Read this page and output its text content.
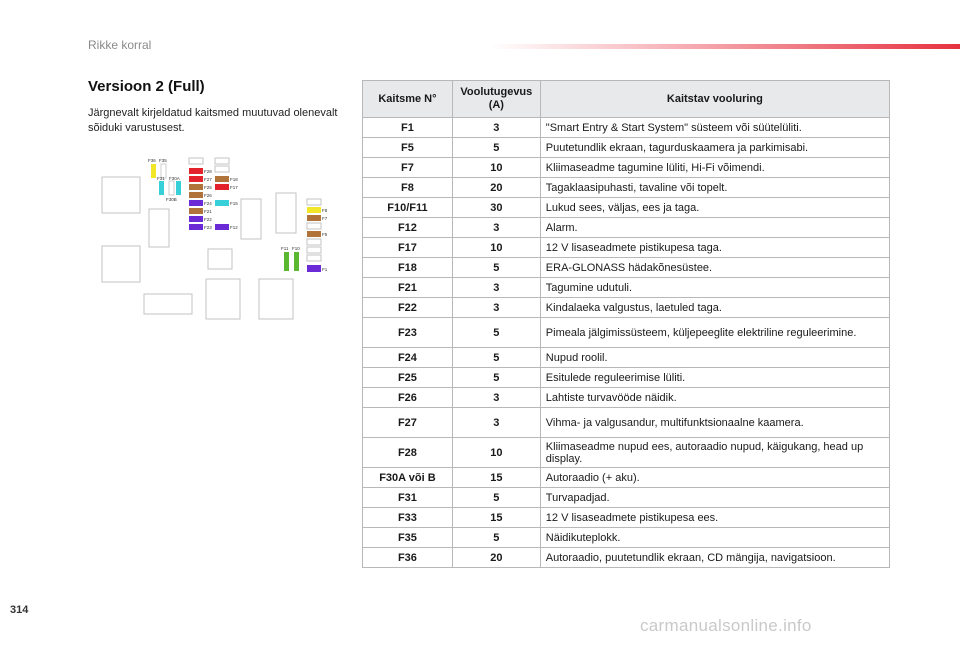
Rikke korral
Versioon 2 (Full)

Järgnevalt kirjeldatud kaitsmed muutuvad olenevalt sõiduki varustusest.

F36 F35
F31 F30A
F30B
F28
F27
F25
F26
F24
F21
F22
F23
F18
F17
F15
F12
F8
F7
F5
F11 F10
F1
Kaitsme N°	Voolutugevus (A)	Kaitstav vooluring
F1	3	"Smart Entry & Start System" süsteem või süütelüliti.
F5	5	Puutetundlik ekraan, tagurduskaamera ja parkimisabi.
F7	10	Kliimaseadme tagumine lüliti, Hi-Fi võimendi.
F8	20	Tagaklaasipuhasti, tavaline või topelt.
F10/F11	30	Lukud sees, väljas, ees ja taga.
F12	3	Alarm.
F17	10	12 V lisaseadmete pistikupesa taga.
F18	5	ERA-GLONASS hädakõnesüstee.
F21	3	Tagumine udutuli.
F22	3	Kindalaeka valgustus, laetuled taga.
F23	5	Pimeala jälgimissüsteem, küljepeeglite elektriline reguleerimine.
F24	5	Nupud roolil.
F25	5	Esitulede reguleerimise lüliti.
F26	3	Lahtiste turvavööde näidik.
F27	3	Vihma- ja valgusandur, multifunktsionaalne kaamera.
F28	10	Kliimaseadme nupud ees, autoraadio nupud, käigukang, head up display.
F30A või B	15	Autoraadio (+ aku).
F31	5	Turvapadjad.
F33	15	12 V lisaseadmete pistikupesa ees.
F35	5	Näidikuteplokk.
F36	20	Autoraadio, puutetundlik ekraan, CD mängija, navigatsioon.
314
carmanualsonline.info
